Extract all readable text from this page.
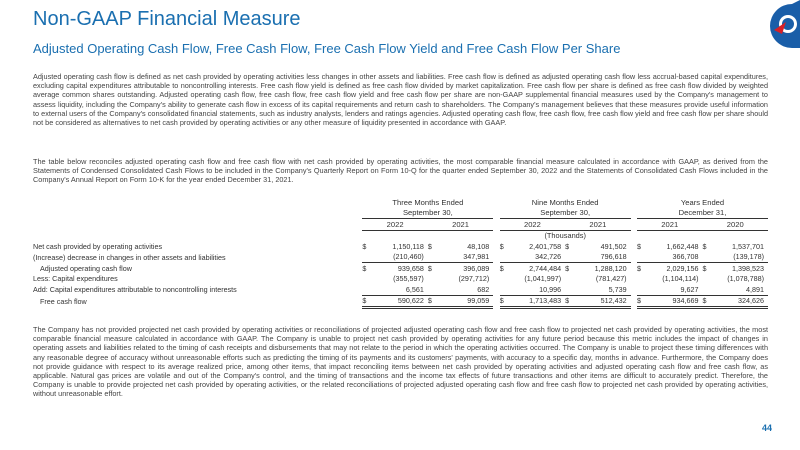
Non-GAAP Financial Measure
Adjusted Operating Cash Flow, Free Cash Flow, Free Cash Flow Yield and Free Cash Flow Per Share
Adjusted operating cash flow is defined as net cash provided by operating activities less changes in other assets and liabilities. Free cash flow is defined as adjusted operating cash flow less accrual-based capital expenditures, excluding capital expenditures attributable to noncontrolling interests. Free cash flow yield is defined as free cash flow divided by market capitalization. Free cash flow per share is defined as free cash flow divided by weighted average common shares outstanding. Adjusted operating cash flow, free cash flow, free cash flow yield and free cash flow per share are non-GAAP supplemental financial measures used by the Company's management to assess liquidity, including the Company's ability to generate cash flow in excess of its capital requirements and return cash to shareholders. The Company's management believes that these measures provide useful information to external users of the Company's consolidated financial statements, such as industry analysts, lenders and ratings agencies. Adjusted operating cash flow, free cash flow, free cash flow yield and free cash flow per share should not be considered as alternatives to net cash provided by operating activities or any other measure of liquidity presented in accordance with GAAP.
The table below reconciles adjusted operating cash flow and free cash flow with net cash provided by operating activities, the most comparable financial measure calculated in accordance with GAAP, as derived from the Statements of Condensed Consolidated Cash Flows to be included in the Company's Quarterly Report on Form 10-Q for the quarter ended September 30, 2022 and the Statements of Consolidated Cash Flows included in the Company's Annual Report on Form 10-K for the year ended December 31, 2021.
	Three Months Ended					Nine Months Ended					Years Ended			
	September 30,					September 30,					December 31,			
	2022		2021			2022		2021			2021		2020	
	(Thousands)													
Net cash provided by operating activities	$	1,150,118	$	48,108		$	2,401,758	$	491,502		$	1,662,448	$	1,537,701
(Increase) decrease in changes in other assets and liabilities		(210,460)		347,981			342,726		796,618			366,708		(139,178)
Adjusted operating cash flow	$	939,658	$	396,089		$	2,744,484	$	1,288,120		$	2,029,156	$	1,398,523
Less: Capital expenditures		(355,597)		(297,712)			(1,041,997)		(781,427)			(1,104,114)		(1,078,788)
Add: Capital expenditures attributable to noncontrolling interests		6,561		682			10,996		5,739			9,627		4,891
Free cash flow	$	590,622	$	99,059		$	1,713,483	$	512,432		$	934,669	$	324,626
The Company has not provided projected net cash provided by operating activities or reconciliations of projected adjusted operating cash flow and free cash flow to projected net cash provided by operating activities, the most comparable financial measure calculated in accordance with GAAP. The Company is unable to project net cash provided by operating activities for any future period because this metric includes the impact of changes in operating assets and liabilities related to the timing of cash receipts and disbursements that may not relate to the period in which the operating activities occurred. The Company is unable to project these timing differences with any reasonable degree of accuracy without unreasonable efforts such as predicting the timing of its payments and its customers' payments, with accuracy to a specific day, months in advance. Furthermore, the Company does not provide guidance with respect to its average realized price, among other items, that impact reconciling items between net cash provided by operating activities and adjusted operating cash flow and free cash flow, as applicable. Natural gas prices are volatile and out of the Company's control, and the timing of transactions and the income tax effects of future transactions and other items are difficult to accurately predict. Therefore, the Company is unable to provide projected net cash provided by operating activities, or the related reconciliations of projected adjusted operating cash flow and free cash flow to projected net cash provided by operating activities, without unreasonable effort.
44
